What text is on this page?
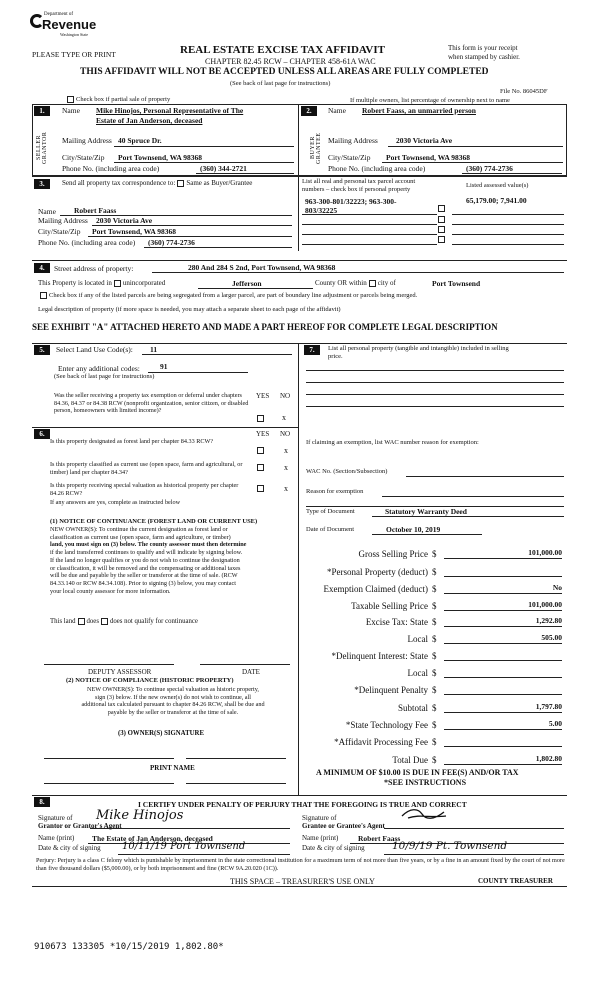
Department of
Revenue
Washington State
PLEASE TYPE OR PRINT	REAL ESTATE EXCISE TAX AFFIDAVIT
CHAPTER 82.45 RCW – CHAPTER 458-61A WAC
This form is your receipt
when stamped by cashier.
THIS AFFIDAVIT WILL NOT BE ACCEPTED UNLESS ALL AREAS ARE FULLY COMPLETED
(See back of last page for instructions)
File No. 86045DF
Check box if partial sale of property	If multiple owners, list percentage of ownership next to name
1.
SELLER GRANTOR
Name Mike Hinojos, Personal Representative of The
Estate of Jan Anderson, deceased
Mailing Address 40 Spruce Dr.
City/State/Zip Port Townsend, WA 98368
Phone No. (including area code)	(360) 344-2721
2.
BUYER GRANTEE
Name Robert Faass, an unmarried person
Mailing Address 2030 Victoria Ave
City/State/Zip Port Townsend, WA 98368
Phone No. (including area code)	(360) 774-2736
3.	Send all property tax correspondence to: Same as Buyer/Grantee	List all real and personal tax parcel account
numbers – check box if personal property
Listed assessed value(s)
963-300-801/32223; 963-300-
803/32225
65,179.00; 7,941.00
Name Robert Faass
Mailing Address 2030 Victoria Ave
City/State/Zip Port Townsend, WA 98368
Phone No. (including area code) (360) 774-2736
4.	Street address of property:	280 And 284 S 2nd, Port Townsend, WA 98368
This Property is located in unincorporated	Jefferson	County OR within city of	Port Townsend
Check box if any of the listed parcels are being segregated from a larger parcel, are part of boundary line adjustment or parcels being merged.
Legal description of property (if more space is needed, you may attach a separate sheet to each page of the affidavit)
SEE EXHIBIT "A" ATTACHED HERETO AND MADE A PART HEREOF FOR COMPLETE LEGAL DESCRIPTION
5.	Select Land Use Code(s): 11
Enter any additional codes:	91
(See back of last page for instructions)
Was the seller receiving a property tax exemption or deferral under chapters 84.36, 84.37 or 84.38 RCW (nonprofit organization, senior citizen, or disabled person, homeowners with limited income)?
YES NO
x
6.	YES NO
Is this property designated as forest land per chapter 84.33 RCW?
x
Is this property classified as current use (open space, farm and agricultural, or timber) land per chapter 84.34?	x
Is this property receiving special valuation as historical property per chapter 84.26 RCW?	x
If any answers are yes, complete as instructed below
(1) NOTICE OF CONTINUANCE (FOREST LAND OR CURRENT USE)
NEW OWNER(S): To continue the current designation as forest land or
classification as current use (open space, farm and agriculture, or timber)
land, you must sign on (3) below. The county assessor must then determine
if the land transferred continues to qualify and will indicate by signing below.
If the land no longer qualifies or you do not wish to continue the designation
or classification, it will be removed and the compensating or additional taxes
will be due and payable by the seller or transferor at the time of sale. (RCW
84.33.140 or RCW 84.34.108). Prior to signing (3) below, you may contact
your local county assessor for more information.
This land does does not qualify for continuance
DEPUTY ASSESSOR	DATE
(2) NOTICE OF COMPLIANCE (HISTORIC PROPERTY)
NEW OWNER(S): To continue special valuation as historic property,
sign (3) below. If the new owner(s) do not wish to continue, all
additional tax calculated pursuant to chapter 84.26 RCW, shall be due and
payable by the seller or transferor at the time of sale.
(3) OWNER(S) SIGNATURE
PRINT NAME
7.	List all personal property (tangible and intangible) included in selling
price.
If claiming an exemption, list WAC number reason for exemption:
WAC No. (Section/Subsection)
Reason for exemption
Type of Document	Statutory Warranty Deed
Date of Document	October 10, 2019
Gross Selling Price $	101,000.00
*Personal Property (deduct) $
Exemption Claimed (deduct) $	No
Taxable Selling Price $	101,000.00
Excise Tax: State $	1,292.80
Local $	505.00
*Delinquent Interest: State $
Local $
*Delinquent Penalty $
Subtotal $	1,797.80
*State Technology Fee $	5.00
*Affidavit Processing Fee $
Total Due $	1,802.80
A MINIMUM OF $10.00 IS DUE IN FEE(S) AND/OR TAX
*SEE INSTRUCTIONS
8.	I CERTIFY UNDER PENALTY OF PERJURY THAT THE FOREGOING IS TRUE AND CORRECT
Signature of
Grantor or Grantor's Agent
Mike Hinojos
Name (print) The Estate of Jan Anderson, deceased
Date & city of signing 10/11/19 Port Townsend
Signature of
Grantee or Grantee's Agent
Name (print)	Robert Faass
Date & city of signing	10/9/19 Pt. Townsend
Perjury: Perjury is a class C felony which is punishable by imprisonment in the state correctional institution for a maximum term of not more than five years, or by a fine in an amount fixed by the court of not more than five thousand dollars ($5,000.00), or by both imprisonment and fine (RCW 9A.20.020 (1C)).
THIS SPACE – TREASURER'S USE ONLY	COUNTY TREASURER
910673 133305 *10/15/2019 1,802.80*
